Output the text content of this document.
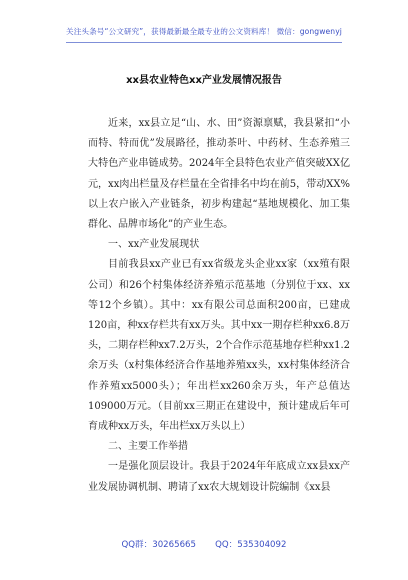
关注头条号“公文研究”，获得最新最全最专业的公文资料库！ 微信：gongwenyj
xx县农业特色xx产业发展情况报告

近来，xx县立足“山、水、田”资源禀赋，我县紧扣“小而特、特而优”发展路径，推动茶叶、中药材、生态养殖三大特色产业串链成势。2024年全县特色农业产值突破XX亿元，xx肉出栏量及存栏量在全省排名中均在前5，带动XX%以上农户嵌入产业链条，初步构建起“基地规模化、加工集群化、品牌市场化”的产业生态。

一、xx产业发展现状

目前我县xx产业已有xx省级龙头企业xx家（xx殖有限公司）和26个村集体经济养殖示范基地（分别位于xx、xx等12个乡镇）。其中：xx有限公司总面积200亩，已建成120亩，种xx存栏共有xx万头。其中xx一期存栏种xx6.8万头，二期存栏种xx7.2万头，2个合作示范基地存栏种xx1.2余万头（x村集体经济合作基地养殖xx头，xx村集体经济合作养殖xx5000头）；年出栏xx260余万头，年产总值达109000万元。（目前xx三期正在建设中，预计建成后年可育成种xx万头，年出栏xx万头以上）

二、主要工作举措

一是强化顶层设计。我县于2024年年底成立xx县xx产业发展协调机制、聘请了xx农大规划设计院编制《xx县

QQ群：30265665       QQ：535304092
